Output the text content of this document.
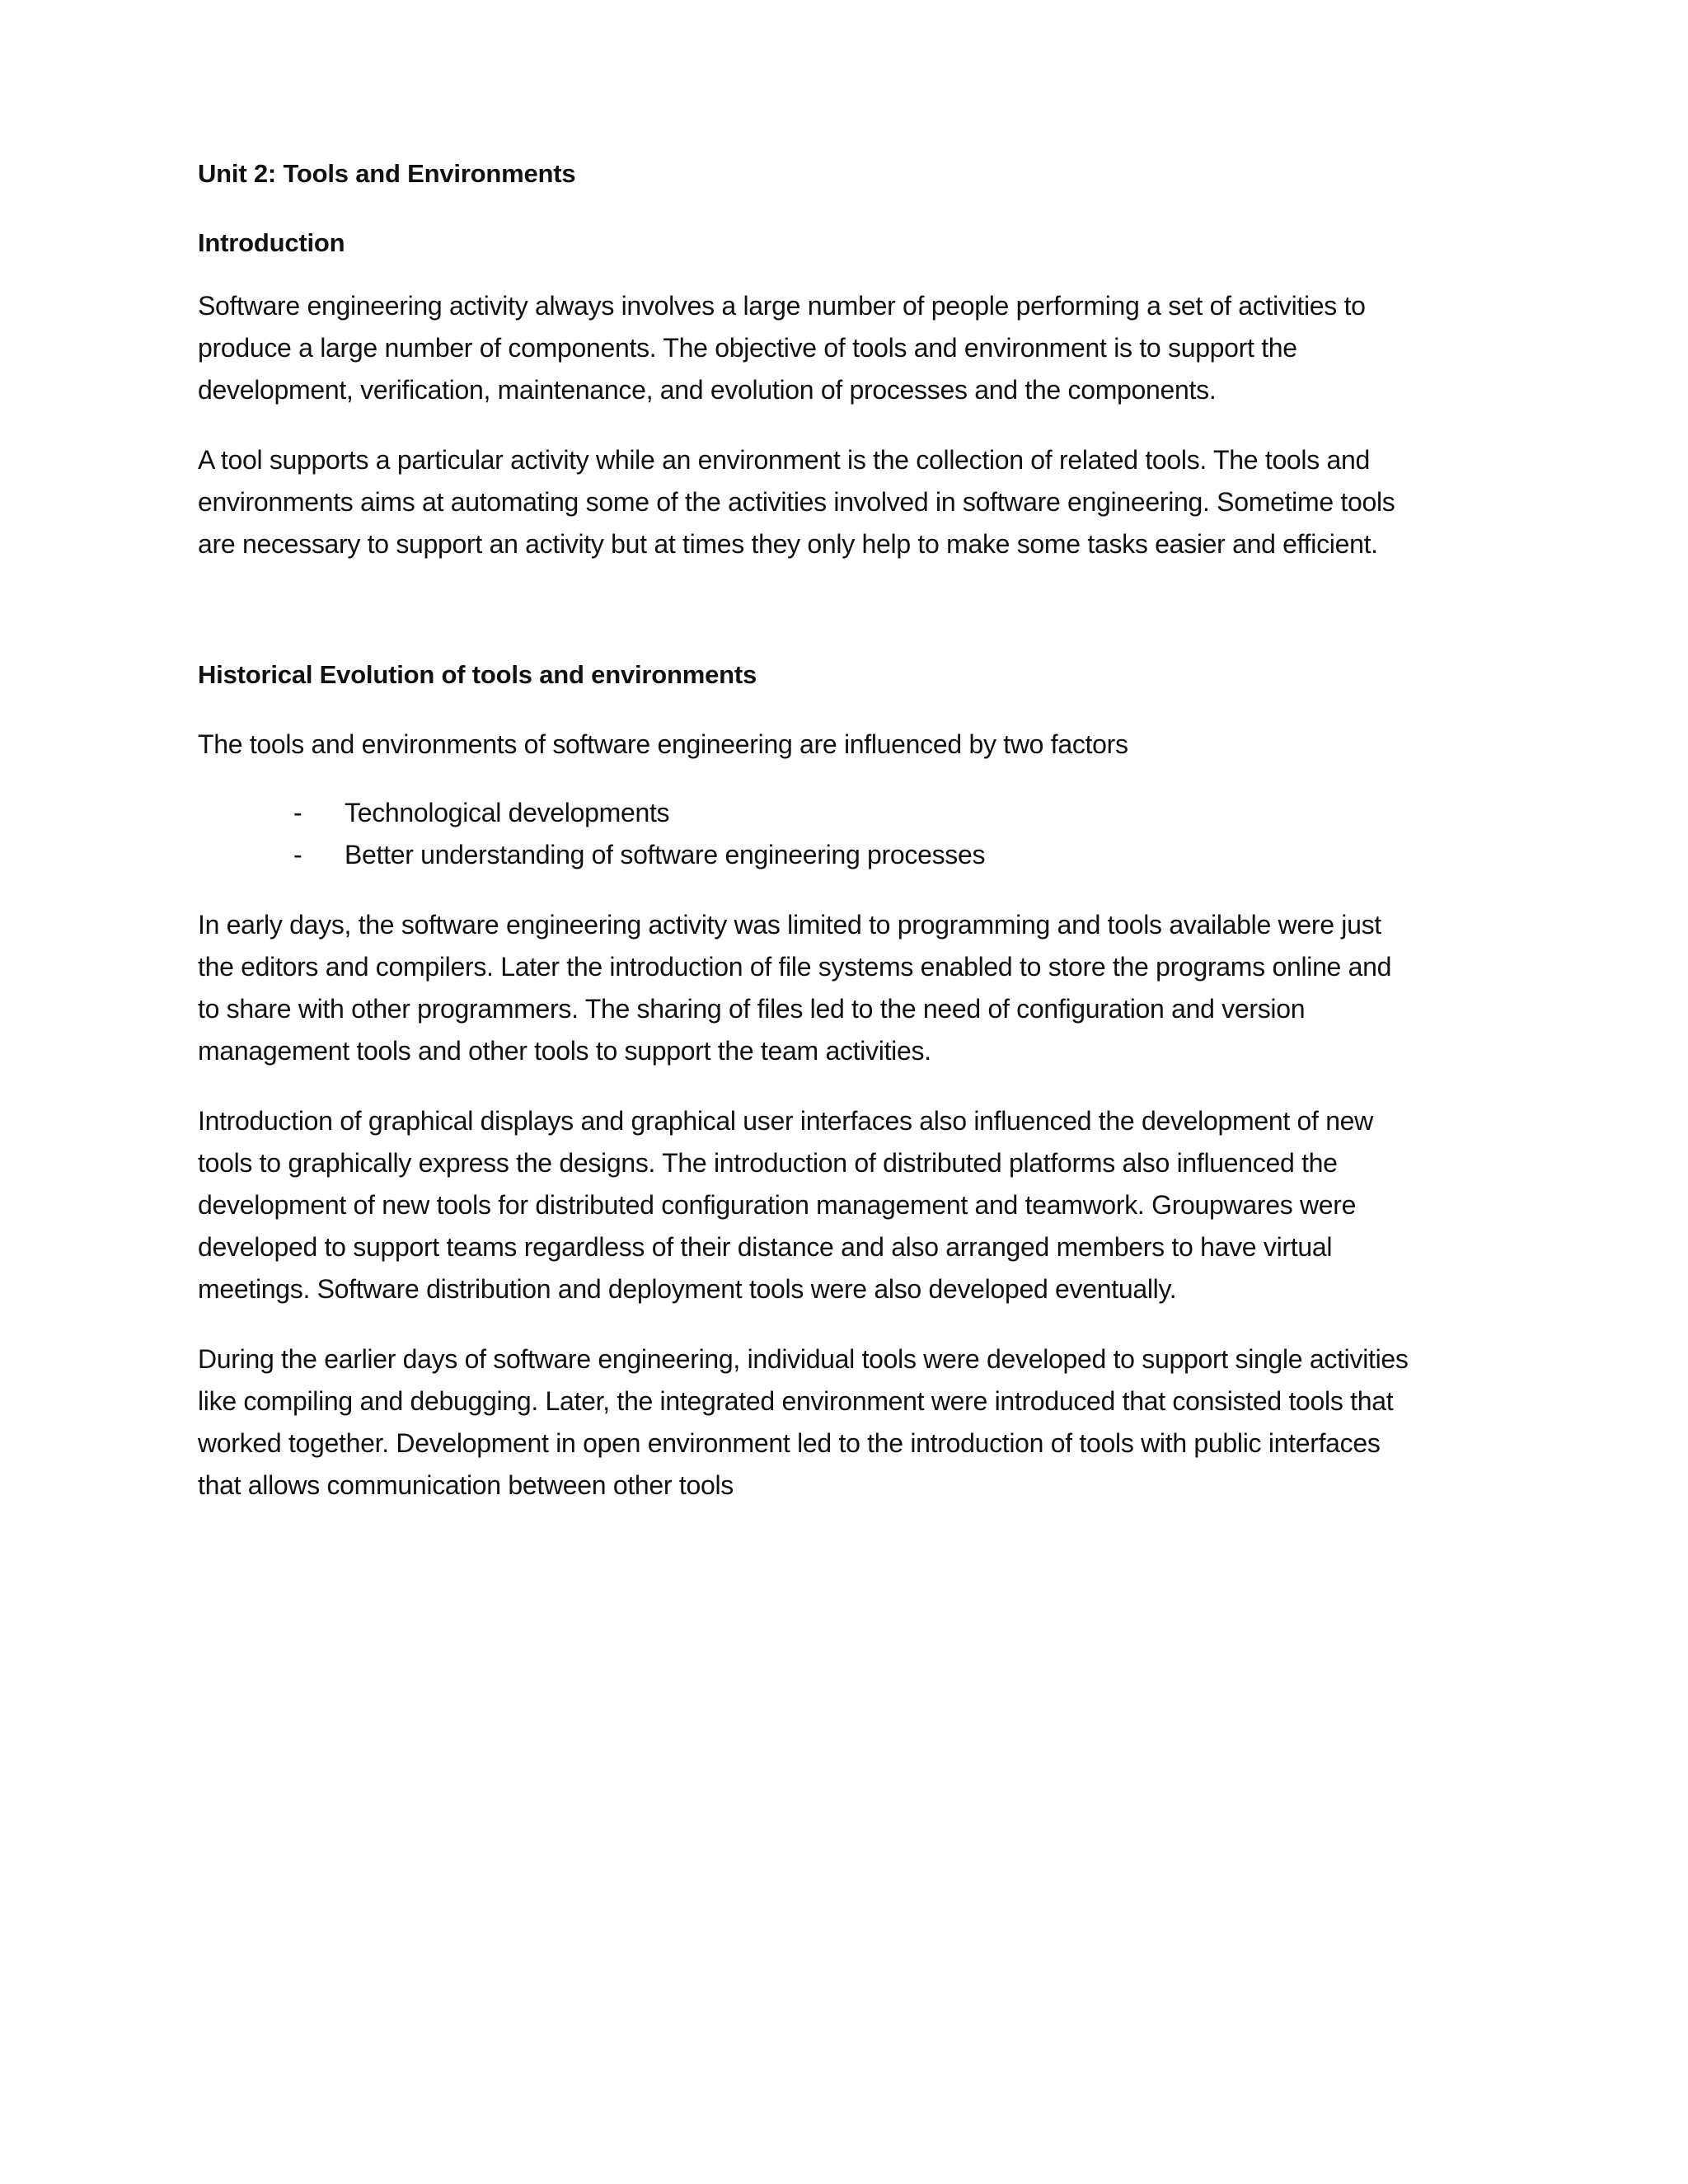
Unit 2: Tools and Environments
Introduction

Software engineering activity always involves a large number of people performing a set of activities to
produce a large number of components. The objective of tools and environment is to support the
development, verification, maintenance, and evolution of processes and the components.

A tool supports a particular activity while an environment is the collection of related tools. The tools and
environments aims at automating some of the activities involved in software engineering. Sometime tools
are necessary to support an activity but at times they only help to make some tasks easier and efficient.

Historical Evolution of tools and environments

The tools and environments of software engineering are influenced by two factors

- Technological developments
- Better understanding of software engineering processes

In early days, the software engineering activity was limited to programming and tools available were just
the editors and compilers. Later the introduction of file systems enabled to store the programs online and
to share with other programmers. The sharing of files led to the need of configuration and version
management tools and other tools to support the team activities.

Introduction of graphical displays and graphical user interfaces also influenced the development of new
tools to graphically express the designs. The introduction of distributed platforms also influenced the
development of new tools for distributed configuration management and teamwork. Groupwares were
developed to support teams regardless of their distance and also arranged members to have virtual
meetings. Software distribution and deployment tools were also developed eventually.

During the earlier days of software engineering, individual tools were developed to support single activities
like compiling and debugging. Later, the integrated environment were introduced that consisted tools that
worked together. Development in open environment led to the introduction of tools with public interfaces
that allows communication between other tools
